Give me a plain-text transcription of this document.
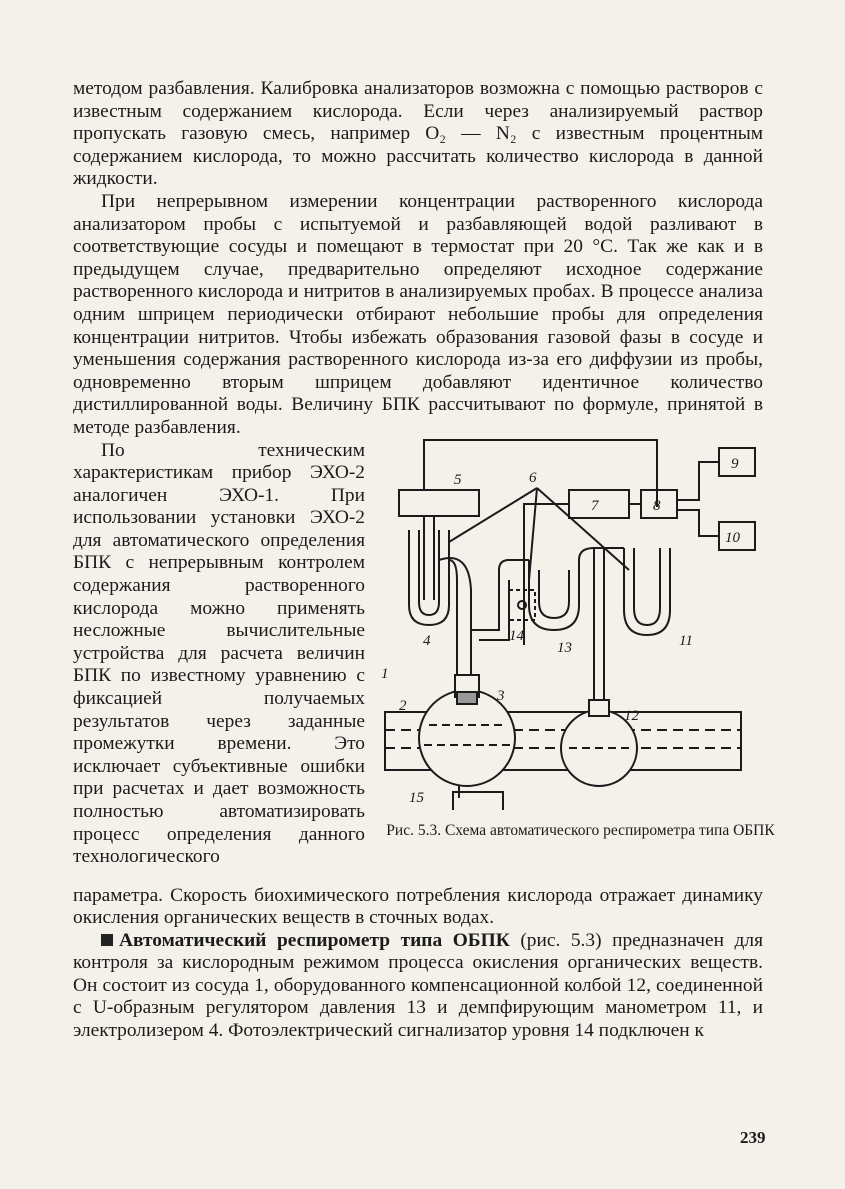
методом разбавления. Калибровка анализаторов возможна с помощью растворов с известным содержанием кислорода. Если через анализируемый раствор пропускать газовую смесь, например O₂ — N₂ с известным процентным содержанием кислорода, то можно рассчитать количество кислорода в данной жидкости.

При непрерывном измерении концентрации растворенного кислорода анализатором пробы с испытуемой и разбавляющей водой разливают в соответствующие сосуды и помещают в термостат при 20 °С. Так же как и в предыдущем случае, предварительно определяют исходное содержание растворенного кислорода и нитритов в анализируемых пробах. В процессе анализа одним шприцем периодически отбирают небольшие пробы для определения концентрации нитритов. Чтобы избежать образования газовой фазы в сосуде и уменьшения содержания растворенного кислорода из-за его диффузии из пробы, одновременно вторым шприцем добавляют идентичное количество дистиллированной воды. Величину БПК рассчитывают по формуле, принятой в методе разбавления.

По техническим характеристикам прибор ЭХО-2 аналогичен ЭХО-1. При использовании установки ЭХО-2 для автоматического определения БПК с непрерывным контролем содержания растворенного кислорода можно применять несложные вычислительные устройства для расчета величин БПК по известному уравнению с фиксацией получаемых результатов через заданные промежутки времени. Это исключает субъективные ошибки при расчетах и дает возможность полностью автоматизировать процесс определения данного технологического

5	6
7	8
9
10
11
12
13
14
15
4
1
2
3
Рис. 5.3. Схема автоматического респирометра типа ОБПК

параметра. Скорость биохимического потребления кислорода отражает динамику окисления органических веществ в сточных водах.

Автоматический респирометр типа ОБПК (рис. 5.3) предназначен для контроля за кислородным режимом процесса окисления органических веществ. Он состоит из сосуда 1, оборудованного компенсационной колбой 12, соединенной с U-образным регулятором давления 13 и демпфирующим манометром 11, и электролизером 4. Фотоэлектрический сигнализатор уровня 14 подключен к

239
